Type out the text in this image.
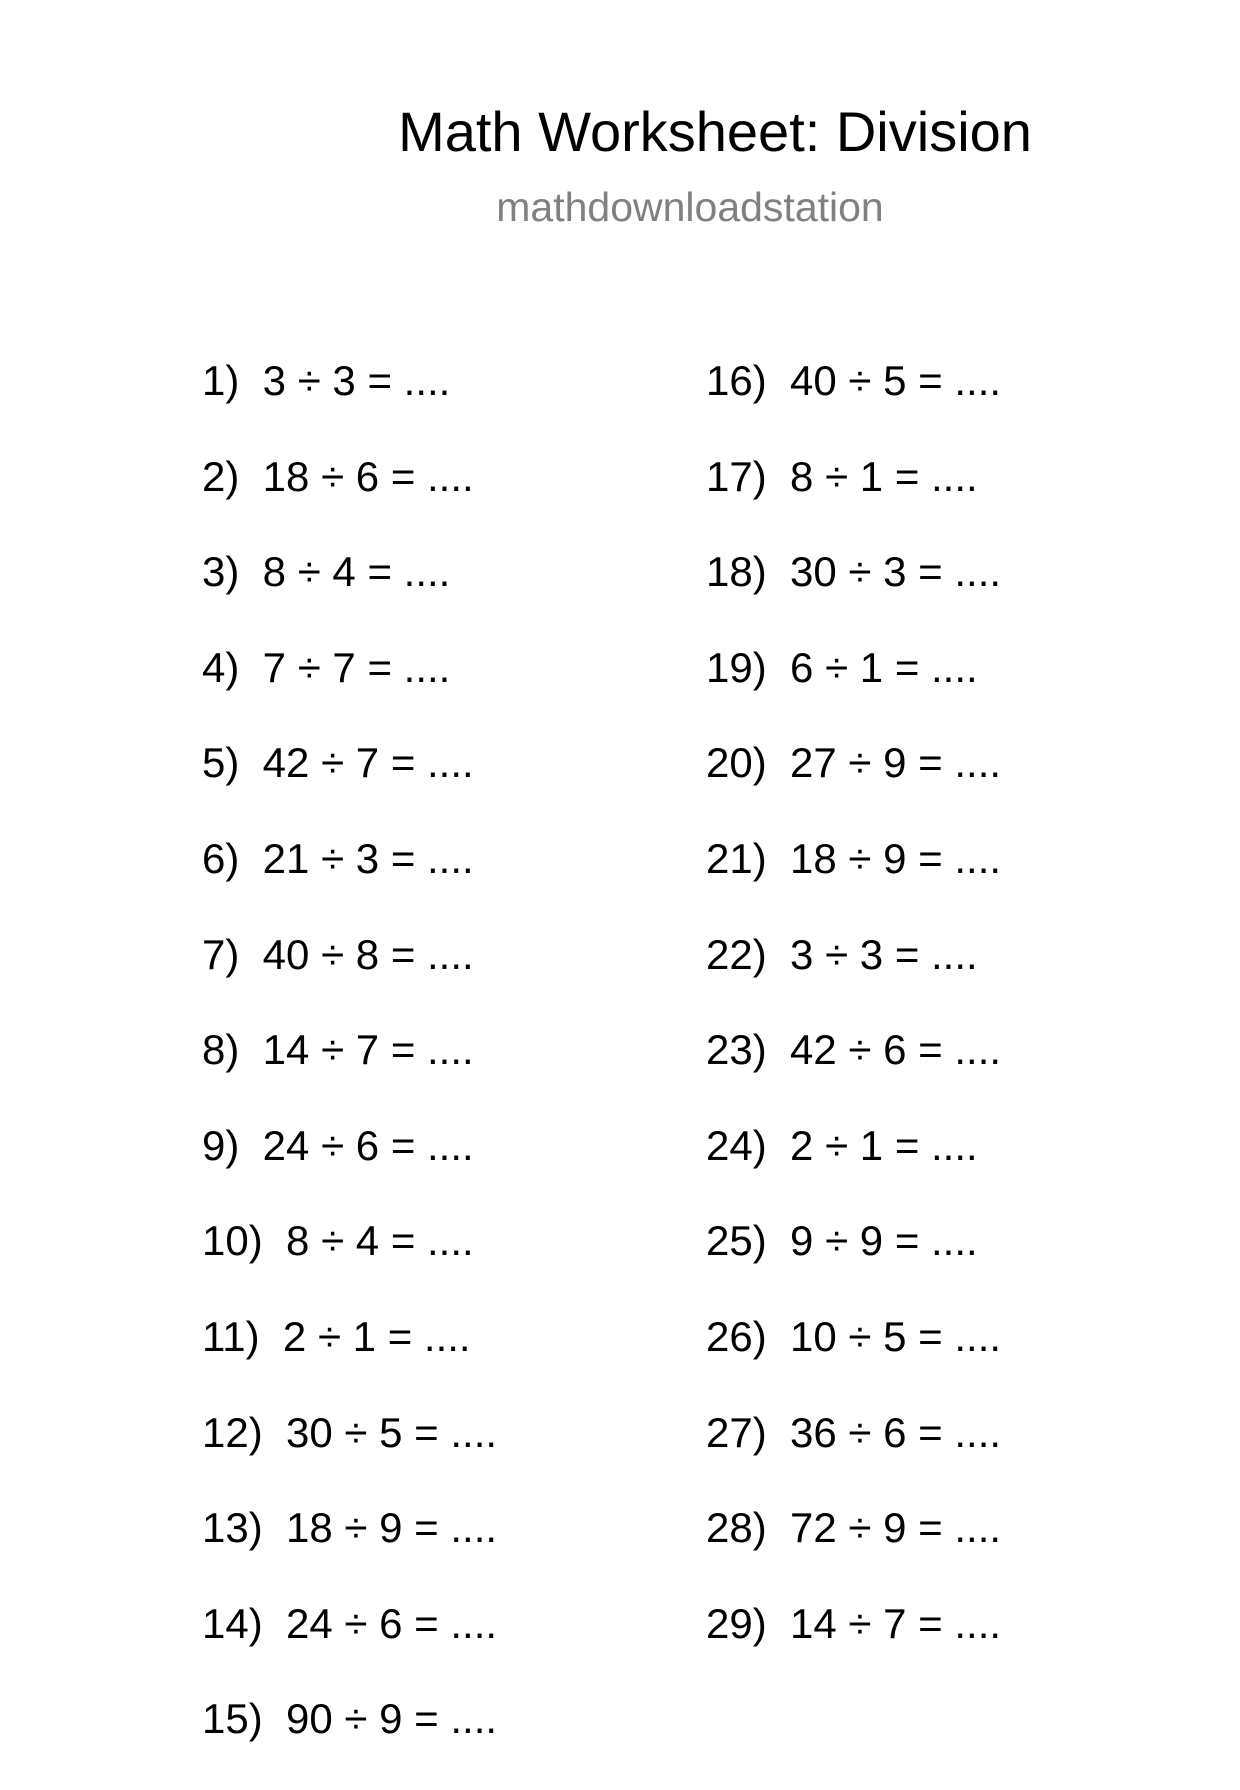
Math Worksheet: Division
mathdownloadstation
1)  3 ÷ 3 = ....
2)  18 ÷ 6 = ....
3)  8 ÷ 4 = ....
4)  7 ÷ 7 = ....
5)  42 ÷ 7 = ....
6)  21 ÷ 3 = ....
7)  40 ÷ 8 = ....
8)  14 ÷ 7 = ....
9)  24 ÷ 6 = ....
10)  8 ÷ 4 = ....
11)  2 ÷ 1 = ....
12)  30 ÷ 5 = ....
13)  18 ÷ 9 = ....
14)  24 ÷ 6 = ....
15)  90 ÷ 9 = ....
16)  40 ÷ 5 = ....
17)  8 ÷ 1 = ....
18)  30 ÷ 3 = ....
19)  6 ÷ 1 = ....
20)  27 ÷ 9 = ....
21)  18 ÷ 9 = ....
22)  3 ÷ 3 = ....
23)  42 ÷ 6 = ....
24)  2 ÷ 1 = ....
25)  9 ÷ 9 = ....
26)  10 ÷ 5 = ....
27)  36 ÷ 6 = ....
28)  72 ÷ 9 = ....
29)  14 ÷ 7 = ....
